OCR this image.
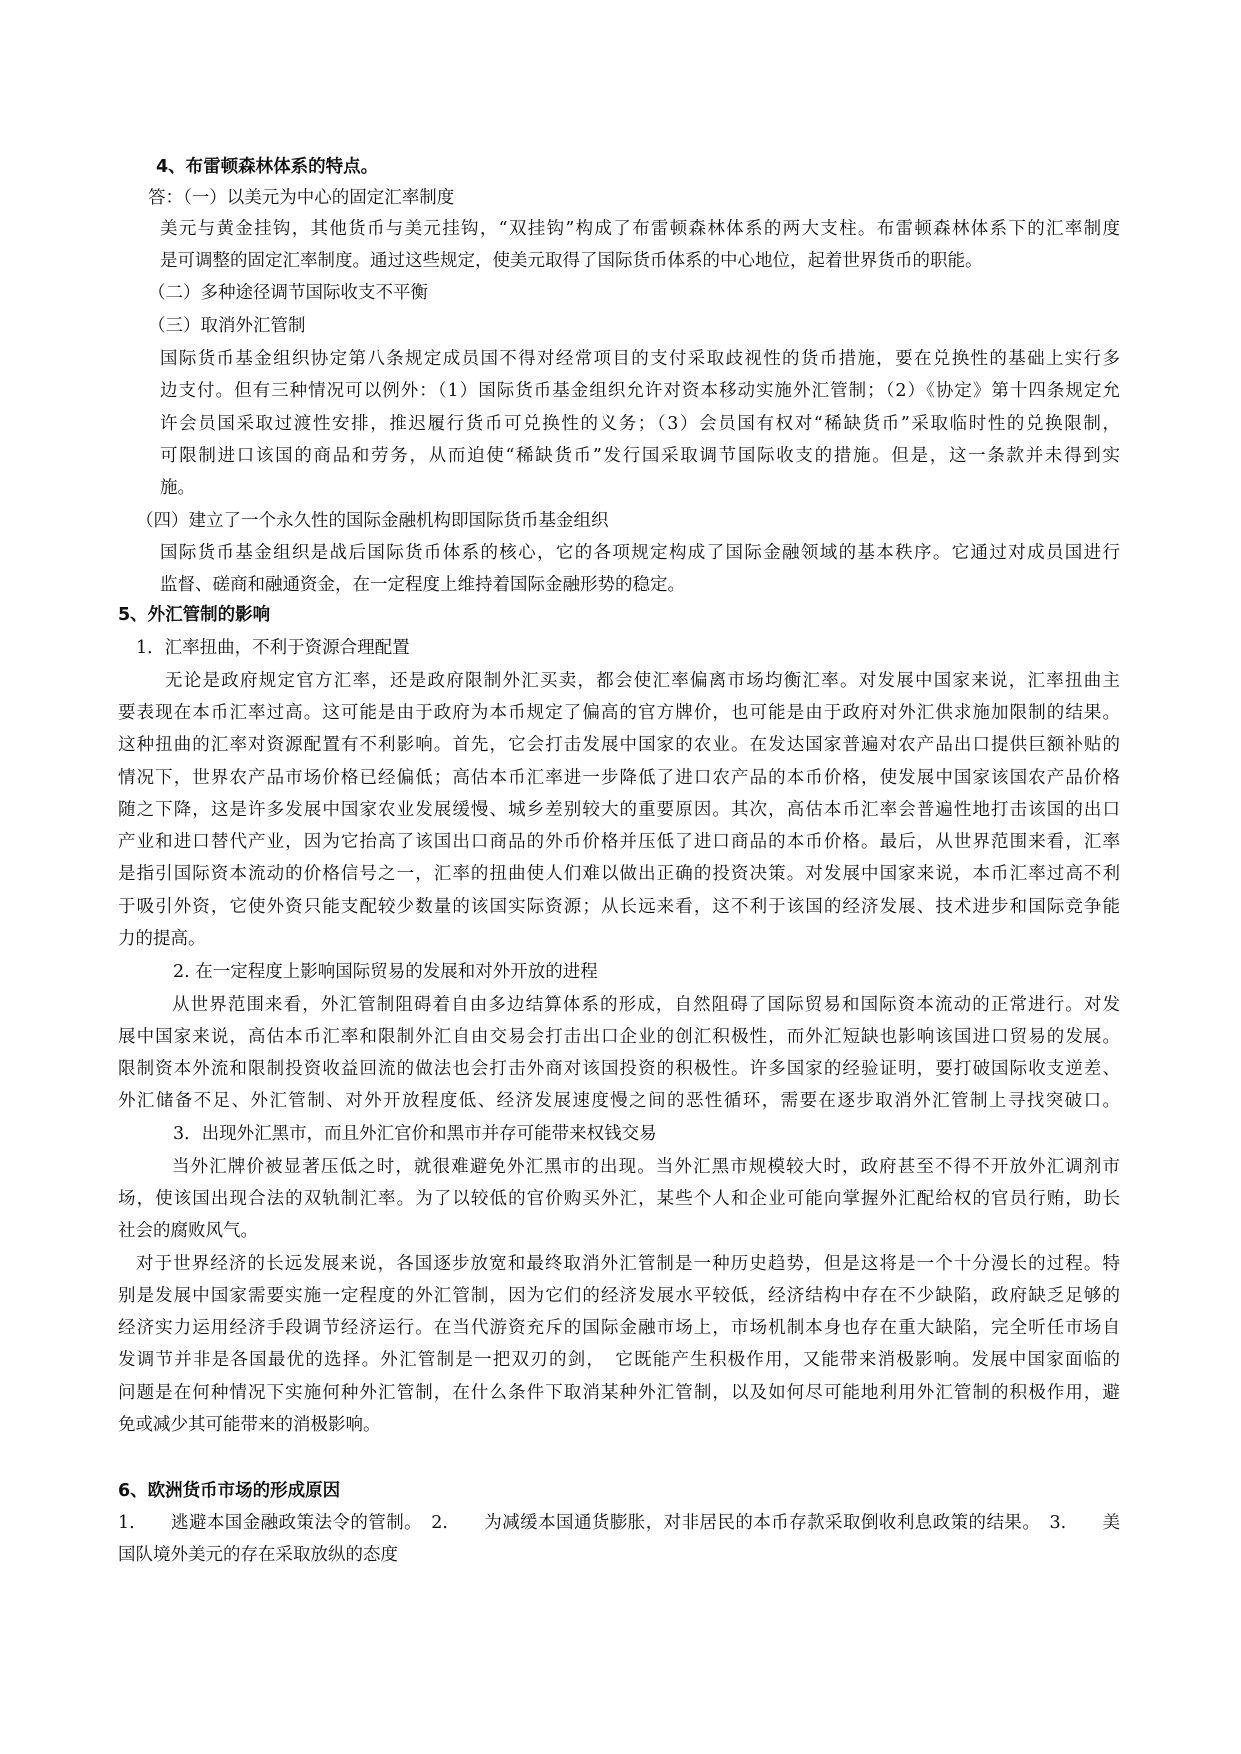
4、布雷顿森林体系的特点。
答：（一）以美元为中心的固定汇率制度
美元与黄金挂钩，其他货币与美元挂钩，“双挂钩”构成了布雷顿森林体系的两大支柱。布雷顿森林体系下的汇率制度
是可调整的固定汇率制度。通过这些规定，使美元取得了国际货币体系的中心地位，起着世界货币的职能。
（二）多种途径调节国际收支不平衡
（三）取消外汇管制
国际货币基金组织协定第八条规定成员国不得对经常项目的支付采取歧视性的货币措施，要在兑换性的基础上实行多
边支付。但有三种情况可以例外：（1）国际货币基金组织允许对资本移动实施外汇管制；（2）《协定》第十四条规定允
许会员国采取过渡性安排，推迟履行货币可兑换性的义务；（3）会员国有权对“稀缺货币”采取临时性的兑换限制，
可限制进口该国的商品和劳务，从而迫使“稀缺货币”发行国采取调节国际收支的措施。但是，这一条款并未得到实
施。
（四）建立了一个永久性的国际金融机构即国际货币基金组织
国际货币基金组织是战后国际货币体系的核心，它的各项规定构成了国际金融领域的基本秩序。它通过对成员国进行
监督、磋商和融通资金，在一定程度上维持着国际金融形势的稳定。
5、外汇管制的影响
1．汇率扭曲，不利于资源合理配置
无论是政府规定官方汇率，还是政府限制外汇买卖，都会使汇率偏离市场均衡汇率。对发展中国家来说，汇率扭曲主
要表现在本币汇率过高。这可能是由于政府为本币规定了偏高的官方牌价，也可能是由于政府对外汇供求施加限制的结果。
这种扭曲的汇率对资源配置有不利影响。首先，它会打击发展中国家的农业。在发达国家普遍对农产品出口提供巨额补贴的
情况下，世界农产品市场价格已经偏低；高估本币汇率进一步降低了进口农产品的本币价格，使发展中国家该国农产品价格
随之下降，这是许多发展中国家农业发展缓慢、城乡差别较大的重要原因。其次，高估本币汇率会普遍性地打击该国的出口
产业和进口替代产业，因为它抬高了该国出口商品的外币价格并压低了进口商品的本币价格。最后，从世界范围来看，汇率
是指引国际资本流动的价格信号之一，汇率的扭曲使人们难以做出正确的投资决策。对发展中国家来说，本币汇率过高不利
于吸引外资，它使外资只能支配较少数量的该国实际资源；从长远来看，这不利于该国的经济发展、技术进步和国际竞争能
力的提高。
2. 在一定程度上影响国际贸易的发展和对外开放的进程
从世界范围来看，外汇管制阻碍着自由多边结算体系的形成，自然阻碍了国际贸易和国际资本流动的正常进行。对发
展中国家来说，高估本币汇率和限制外汇自由交易会打击出口企业的创汇积极性，而外汇短缺也影响该国进口贸易的发展。
限制资本外流和限制投资收益回流的做法也会打击外商对该国投资的积极性。许多国家的经验证明，要打破国际收支逆差、
外汇储备不足、外汇管制、对外开放程度低、经济发展速度慢之间的恶性循环，需要在逐步取消外汇管制上寻找突破口。
3．出现外汇黑市，而且外汇官价和黑市并存可能带来权钱交易
当外汇牌价被显著压低之时，就很难避免外汇黑市的出现。当外汇黑市规模较大时，政府甚至不得不开放外汇调剂市
场，使该国出现合法的双轨制汇率。为了以较低的官价购买外汇，某些个人和企业可能向掌握外汇配给权的官员行贿，助长
社会的腐败风气。
对于世界经济的长远发展来说，各国逐步放宽和最终取消外汇管制是一种历史趋势，但是这将是一个十分漫长的过程。特
别是发展中国家需要实施一定程度的外汇管制，因为它们的经济发展水平较低，经济结构中存在不少缺陷，政府缺乏足够的
经济实力运用经济手段调节经济运行。在当代游资充斥的国际金融市场上，市场机制本身也存在重大缺陷，完全听任市场自
发调节并非是各国最优的选择。外汇管制是一把双刃的剑，　它既能产生积极作用，又能带来消极影响。发展中国家面临的
问题是在何种情况下实施何种外汇管制，在什么条件下取消某种外汇管制，以及如何尽可能地利用外汇管制的积极作用，避
免或减少其可能带来的消极影响。
6、欧洲货币市场的形成原因
1.　　逃避本国金融政策法令的管制。　2.　　为减缓本国通货膨胀，对非居民的本币存款采取倒收利息政策的结果。　3.　　美
国队境外美元的存在采取放纵的态度
